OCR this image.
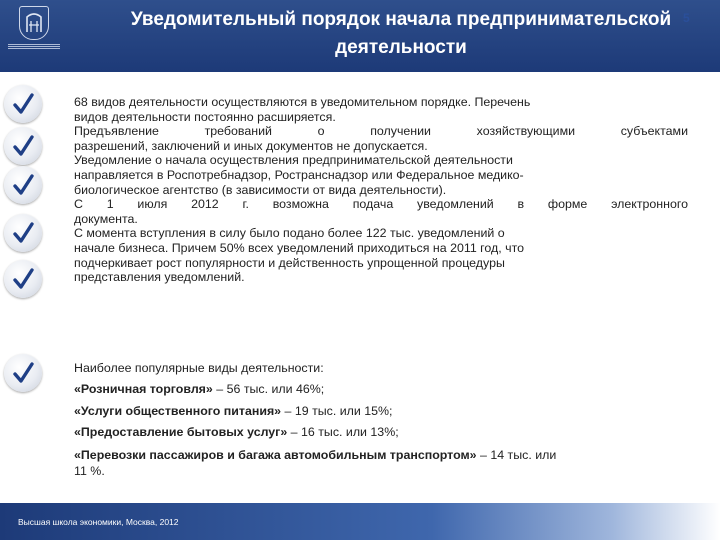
Уведомительный порядок начала предпринимательской
деятельности
68 видов деятельности осуществляются в уведомительном порядке. Перечень
видов деятельности постоянно расширяется.
Предъявление требований о получении хозяйствующими субъектами
разрешений, заключений и иных документов не допускается.
Уведомление о начала осуществления предпринимательской деятельности
направляется в Роспотребнадзор, Ространснадзор или Федеральное медико-
биологическое агентство (в зависимости от вида деятельности).
С 1 июля 2012 г. возможна подача уведомлений в форме электронного
документа.
С момента вступления в силу было подано более 122 тыс. уведомлений о
начале бизнеса. Причем 50% всех уведомлений приходиться на 2011 год, что
подчеркивает рост популярности и действенность упрощенной процедуры
представления уведомлений.
Наиболее популярные виды деятельности:
«Розничная торговля» – 56 тыс. или 46%;
«Услуги общественного питания» – 19 тыс. или 15%;
«Предоставление бытовых услуг» – 16 тыс. или 13%;
«Перевозки пассажиров и багажа автомобильным транспортом» – 14 тыс. или
11 %.
Высшая школа экономики, Москва, 2012
5
